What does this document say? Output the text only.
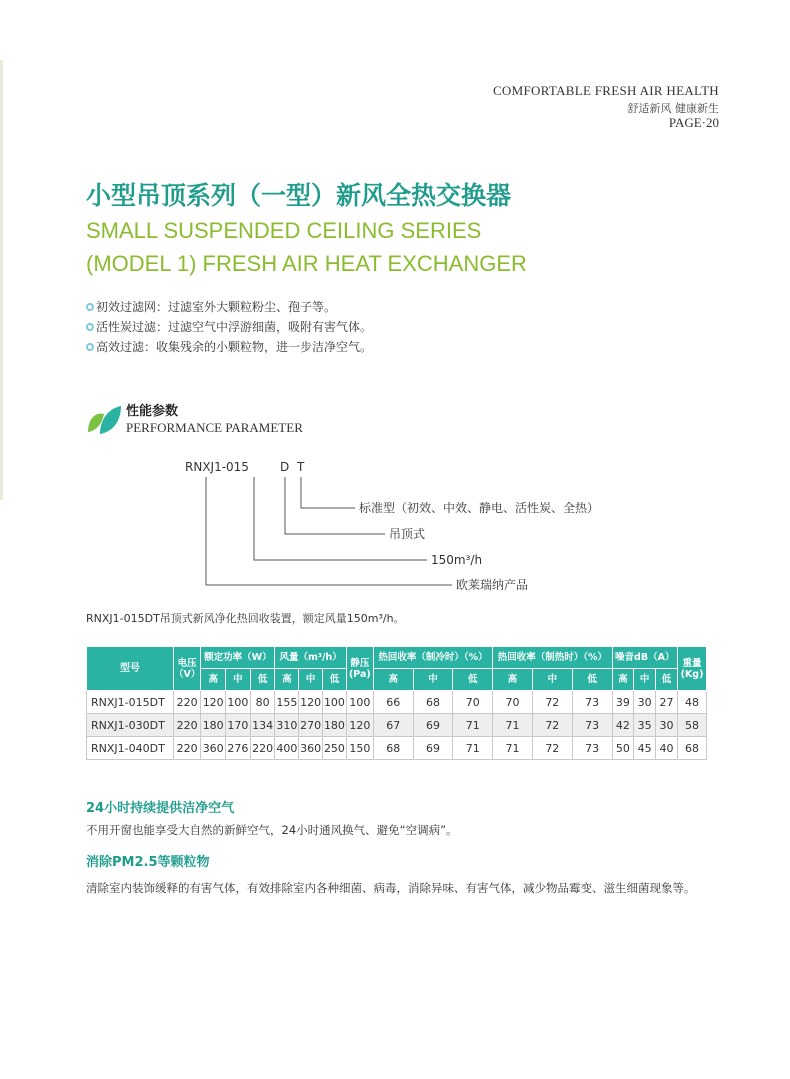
COMFORTABLE FRESH AIR HEALTH
舒适新风 健康新生
PAGE·20
小型吊顶系列（一型）新风全热交换器
SMALL SUSPENDED CEILING SERIES
(MODEL 1) FRESH AIR HEAT EXCHANGER
初效过滤网：过滤室外大颗粒粉尘、孢子等。
活性炭过滤：过滤空气中浮游细菌，吸附有害气体。
高效过滤：收集残余的小颗粒物，进一步洁净空气。
性能参数
PERFORMANCE PARAMETER
RNXJ1-015	D T
标准型（初效、中效、静电、活性炭、全热）
吊顶式
150m³/h
欧莱瑞纳产品
RNXJ1-015DT吊顶式新风净化热回收装置，额定风量150m³/h。
型号	电压（V）	额定功率（W）			风量（m³/h）			静压(Pa)	热回收率（制冷时）（%）			热回收率（制热时）（%）			噪音dB（A）			重量(Kg)
		高	中	低	高	中	低		高	中	低	高	中	低	高	中	低	
RNXJ1-015DT	220	120	100	80	155	120	100	100	66	68	70	70	72	73	39	30	27	48
RNXJ1-030DT	220	180	170	134	310	270	180	120	67	69	71	71	72	73	42	35	30	58
RNXJ1-040DT	220	360	276	220	400	360	250	150	68	69	71	71	72	73	50	45	40	68
24小时持续提供洁净空气
不用开窗也能享受大自然的新鲜空气，24小时通风换气、避免“空调病”。
消除PM2.5等颗粒物
清除室内装饰缓释的有害气体，有效排除室内各种细菌、病毒，消除异味、有害气体，减少物品霉变、滋生细菌现象等。
